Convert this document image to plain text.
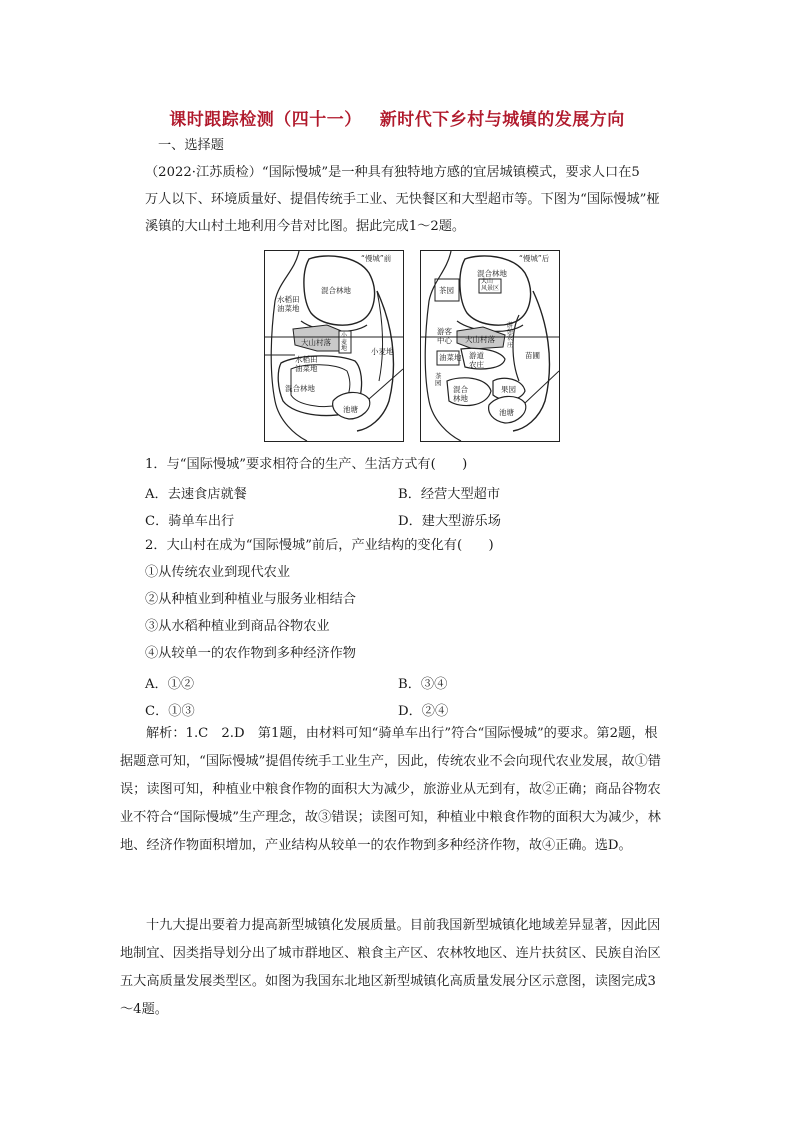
课时跟踪检测（四十一） 新时代下乡村与城镇的发展方向
一、选择题
（2022·江苏质检）“国际慢城”是一种具有独特地方感的宜居城镇模式，要求人口在5
万人以下、环境质量好、提倡传统手工业、无快餐区和大型超市等。下图为“国际慢城”桠
溪镇的大山村土地利用今昔对比图。据此完成1～2题。
“慢城”前
混合林地
水稻田
油菜地
大山村落
小
麦
地	小麦地
水稻田
油菜地
混合林地
池塘
“慢城”后
混合林地
大山
风景区
茶园
游客
中心 大山村落
苗圃
油菜地 游道
农庄
茶
园
混合
林地
果园
池塘
游
憩
农
庄
1．与“国际慢城”要求相符合的生产、生活方式有(　　)
A．去速食店就餐	B．经营大型超市
C．骑单车出行	D．建大型游乐场
2．大山村在成为“国际慢城”前后，产业结构的变化有(　　)
①从传统农业到现代农业
②从种植业到种植业与服务业相结合
③从水稻种植业到商品谷物农业
④从较单一的农作物到多种经济作物
A．①②	B．③④
C．①③	D．②④
解析：1.C　2.D　第1题，由材料可知“骑单车出行”符合“国际慢城”的要求。第2题，根据题意可知，“国际慢城”提倡传统手工业生产，因此，传统农业不会向现代农业发展，故①错误；读图可知，种植业中粮食作物的面积大为减少，旅游业从无到有，故②正确；商品谷物农业不符合“国际慢城”生产理念，故③错误；读图可知，种植业中粮食作物的面积大为减少，林地、经济作物面积增加，产业结构从较单一的农作物到多种经济作物，故④正确。选D。
十九大提出要着力提高新型城镇化发展质量。目前我国新型城镇化地域差异显著，因此因地制宜、因类指导划分出了城市群地区、粮食主产区、农林牧地区、连片扶贫区、民族自治区五大高质量发展类型区。如图为我国东北地区新型城镇化高质量发展分区示意图，读图完成3～4题。
